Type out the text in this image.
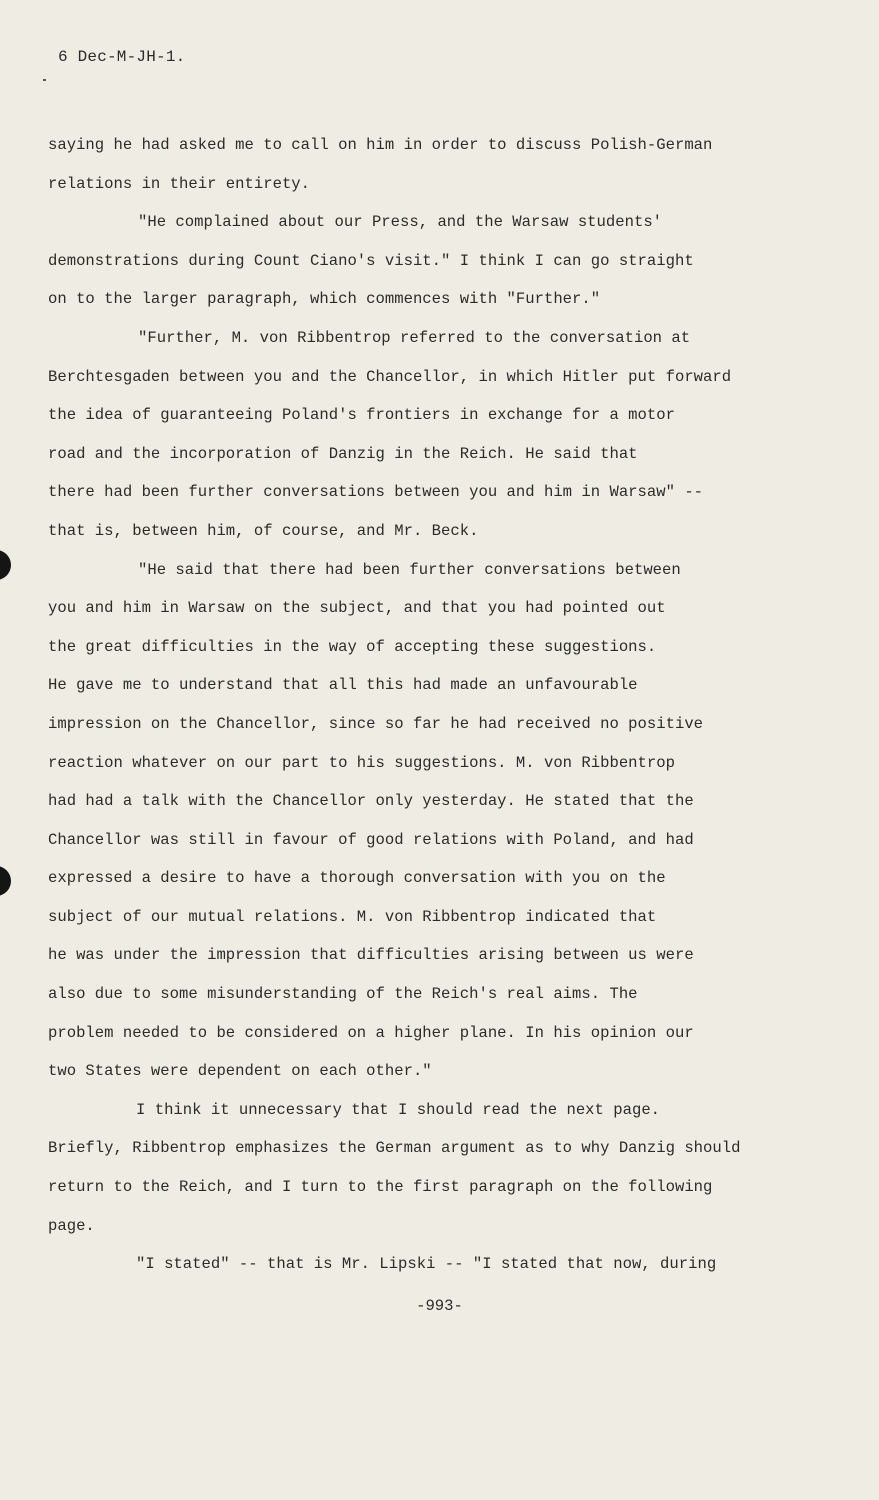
6 Dec-M-JH-1.
saying he had asked me to call on him in order to discuss Polish-German
relations in their entirety.
"He complained about our Press, and the Warsaw students'
demonstrations during Count Ciano's visit." I think I can go straight
on to the larger paragraph, which commences with "Further."
"Further, M. von Ribbentrop referred to the conversation at
Berchtesgaden between you and the Chancellor, in which Hitler put forward
the idea of guaranteeing Poland's frontiers in exchange for a motor
road and the incorporation of Danzig in the Reich. He said that
there had been further conversations between you and him in Warsaw" --
that is, between him, of course, and Mr. Beck.
"He said that there had been further conversations between
you and him in Warsaw on the subject, and that you had pointed out
the great difficulties in the way of accepting these suggestions.
He gave me to understand that all this had made an unfavourable
impression on the Chancellor, since so far he had received no positive
reaction whatever on our part to his suggestions. M. von Ribbentrop
had had a talk with the Chancellor only yesterday. He stated that the
Chancellor was still in favour of good relations with Poland, and had
expressed a desire to have a thorough conversation with you on the
subject of our mutual relations. M. von Ribbentrop indicated that
he was under the impression that difficulties arising between us were
also due to some misunderstanding of the Reich's real aims. The
problem needed to be considered on a higher plane. In his opinion our
two States were dependent on each other."
I think it unnecessary that I should read the next page.
Briefly, Ribbentrop emphasizes the German argument as to why Danzig should
return to the Reich, and I turn to the first paragraph on the following
page.
"I stated" -- that is Mr. Lipski -- "I stated that now, during
-993-
